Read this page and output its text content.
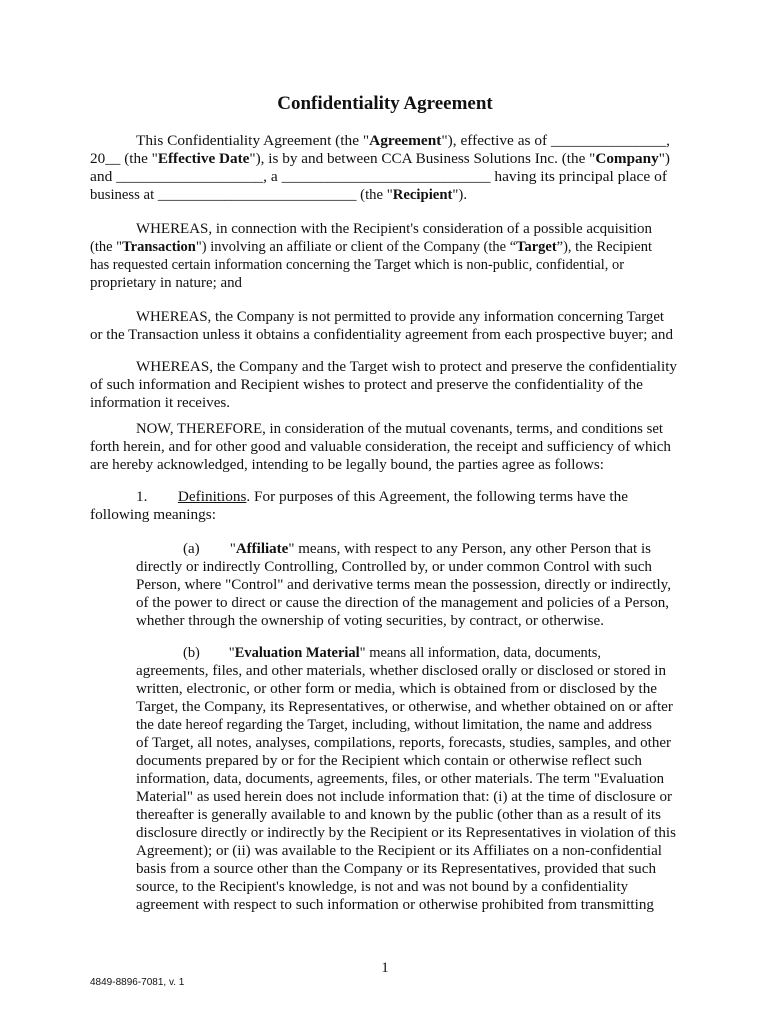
Confidentiality Agreement
This Confidentiality Agreement (the "Agreement"), effective as of _______________,
20__ (the "Effective Date"), is by and between CCA Business Solutions Inc. (the "Company")
and ___________________, a ___________________________ having its principal place of
business at ___________________________ (the "Recipient").
WHEREAS, in connection with the Recipient's consideration of a possible acquisition
(the "Transaction") involving an affiliate or client of the Company (the “Target”), the Recipient
has requested certain information concerning the Target which is non-public, confidential, or
proprietary in nature; and
WHEREAS, the Company is not permitted to provide any information concerning Target
or the Transaction unless it obtains a confidentiality agreement from each prospective buyer; and
WHEREAS, the Company and the Target wish to protect and preserve the confidentiality
of such information and Recipient wishes to protect and preserve the confidentiality of the
information it receives.
NOW, THEREFORE, in consideration of the mutual covenants, terms, and conditions set
forth herein, and for other good and valuable consideration, the receipt and sufficiency of which
are hereby acknowledged, intending to be legally bound, the parties agree as follows:
1.        Definitions. For purposes of this Agreement, the following terms have the
following meanings:
(a)        "Affiliate" means, with respect to any Person, any other Person that is
directly or indirectly Controlling, Controlled by, or under common Control with such
Person, where "Control" and derivative terms mean the possession, directly or indirectly,
of the power to direct or cause the direction of the management and policies of a Person,
whether through the ownership of voting securities, by contract, or otherwise.
(b)        "Evaluation Material" means all information, data, documents,
agreements, files, and other materials, whether disclosed orally or disclosed or stored in
written, electronic, or other form or media, which is obtained from or disclosed by the
Target, the Company, its Representatives, or otherwise, and whether obtained on or after
the date hereof regarding the Target, including, without limitation, the name and address
of Target, all notes, analyses, compilations, reports, forecasts, studies, samples, and other
documents prepared by or for the Recipient which contain or otherwise reflect such
information, data, documents, agreements, files, or other materials. The term "Evaluation
Material" as used herein does not include information that: (i) at the time of disclosure or
thereafter is generally available to and known by the public (other than as a result of its
disclosure directly or indirectly by the Recipient or its Representatives in violation of this
Agreement); or (ii) was available to the Recipient or its Affiliates on a non-confidential
basis from a source other than the Company or its Representatives, provided that such
source, to the Recipient's knowledge, is not and was not bound by a confidentiality
agreement with respect to such information or otherwise prohibited from transmitting
1
4849-8896-7081, v. 1
